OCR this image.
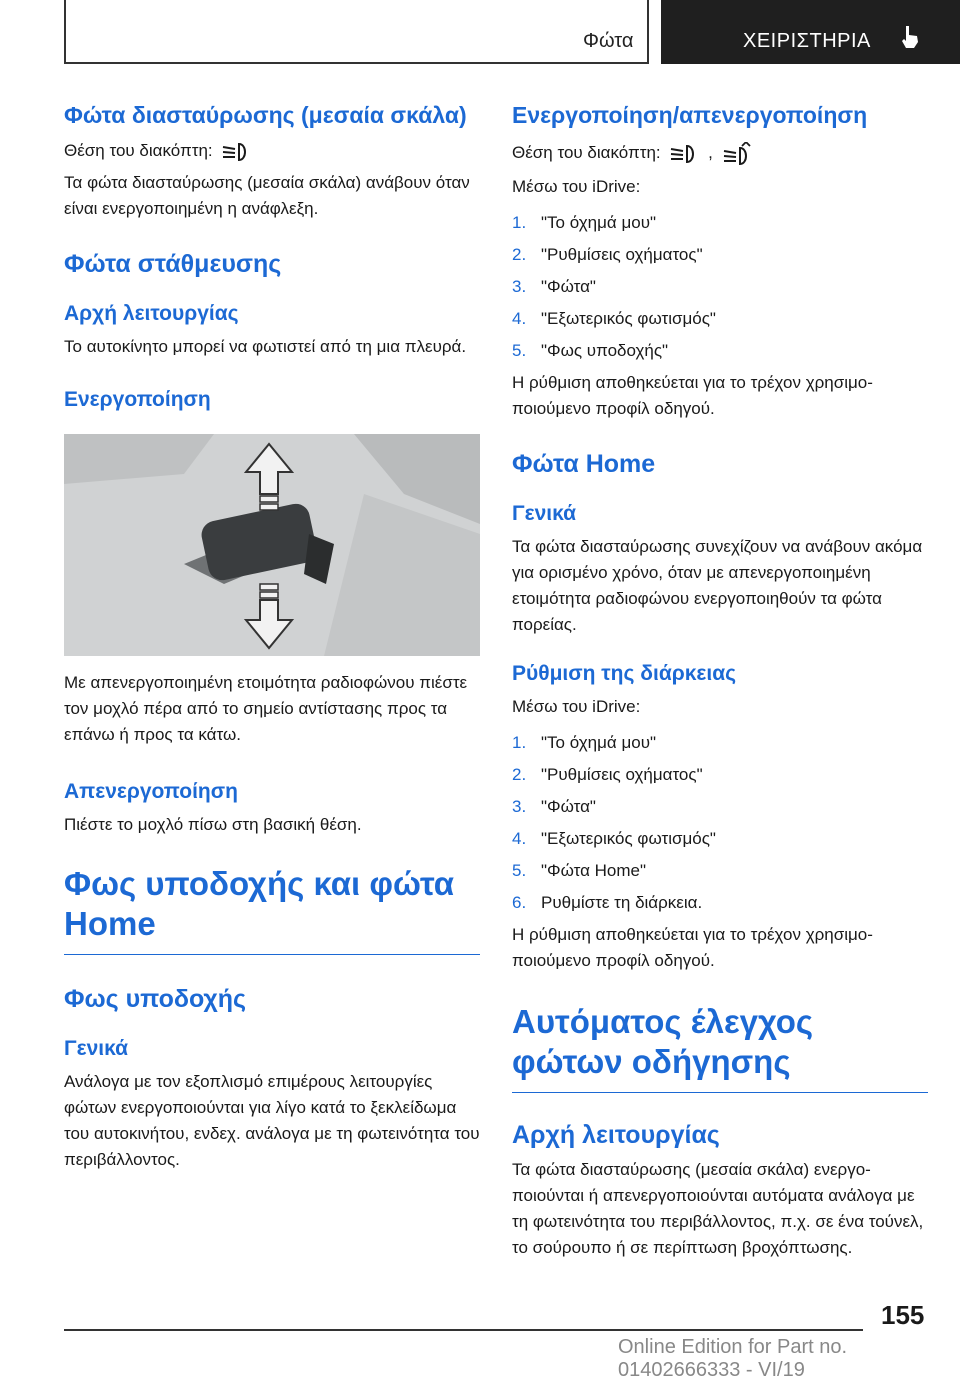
Φώτα	ΧΕΙΡΙΣΤΗΡΙΑ
Φώτα διασταύρωσης (μεσαία σκάλα)

Θέση του διακόπτη:

Τα φώτα διασταύρωσης (μεσαία σκάλα) ανάβουν όταν είναι ενεργοποιημένη η ανάφλεξη.

Φώτα στάθμευσης
Αρχή λειτουργίας

Το αυτοκίνητο μπορεί να φωτιστεί από τη μια πλευρά.

Ενεργοποίηση

Με απενεργοποιημένη ετοιμότητα ραδιοφώνου πιέστε τον μοχλό πέρα από το σημείο αντίστασης προς τα επάνω ή προς τα κάτω.

Απενεργοποίηση

Πιέστε το μοχλό πίσω στη βασική θέση.

Φως υποδοχής και φώτα Home
Φως υποδοχής
Γενικά

Ανάλογα με τον εξοπλισμό επιμέρους λειτουργίες φώτων ενεργοποιούνται για λίγο κατά το ξεκλείδωμα του αυτοκινήτου, ενδεχ. ανάλογα με τη φωτεινότητα του περιβάλλοντος.

Ενεργοποίηση/απενεργοποίηση

Θέση του διακόπτη:	,

Μέσω του iDrive:

1. "Το όχημά μου"
2. "Ρυθμίσεις οχήματος"
3. "Φώτα"
4. "Εξωτερικός φωτισμός"
5. "Φως υποδοχής"

Η ρύθμιση αποθηκεύεται για το τρέχον χρησιμοποιούμενο προφίλ οδηγού.

Φώτα Home
Γενικά

Τα φώτα διασταύρωσης συνεχίζουν να ανάβουν ακόμα για ορισμένο χρόνο, όταν με απενεργοποιημένη ετοιμότητα ραδιοφώνου ενεργοποιηθούν τα φώτα πορείας.

Ρύθμιση της διάρκειας

Μέσω του iDrive:

1. "Το όχημά μου"
2. "Ρυθμίσεις οχήματος"
3. "Φώτα"
4. "Εξωτερικός φωτισμός"
5. "Φώτα Home"
6. Ρυθμίστε τη διάρκεια.

Η ρύθμιση αποθηκεύεται για το τρέχον χρησιμοποιούμενο προφίλ οδηγού.

Αυτόματος έλεγχος φώτων οδήγησης
Αρχή λειτουργίας

Τα φώτα διασταύρωσης (μεσαία σκάλα) ενεργοποιούνται ή απενεργοποιούνται αυτόματα ανάλογα με τη φωτεινότητα του περιβάλλοντος, π.χ. σε ένα τούνελ, το σούρουπο ή σε περίπτωση βροχόπτωσης.

155
Online Edition for Part no. 01402666333 - VI/19
